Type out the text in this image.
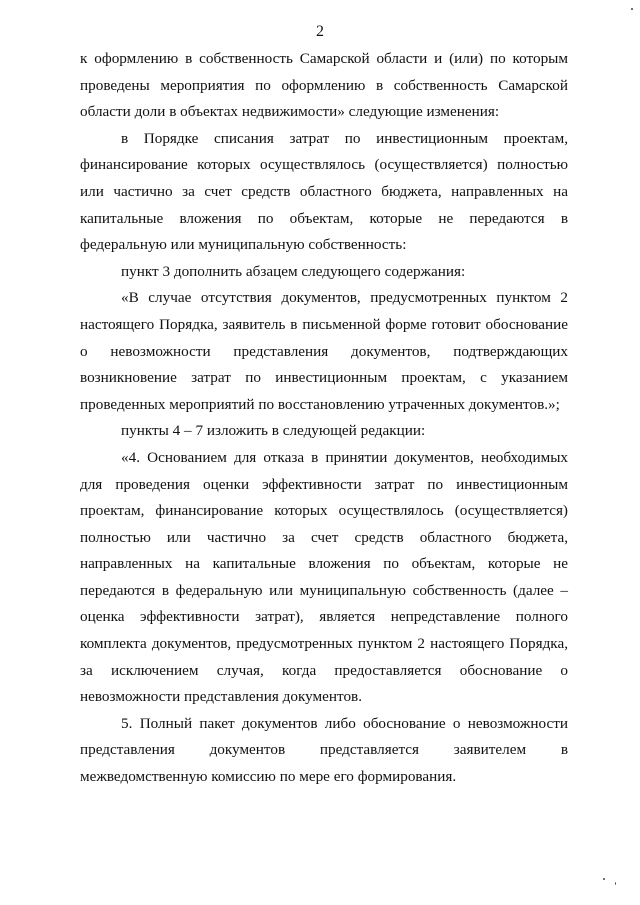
2

к оформлению в собственность Самарской области и (или) по которым проведены мероприятия по оформлению в собственность Самарской области доли в объектах недвижимости» следующие изменения:

в Порядке списания затрат по инвестиционным проектам, финансирование которых осуществлялось (осуществляется) полностью или частично за счет средств областного бюджета, направленных на капитальные вложения по объектам, которые не передаются в федеральную или муниципальную собственность:

пункт 3 дополнить абзацем следующего содержания:

«В случае отсутствия документов, предусмотренных пунктом 2 настоящего Порядка, заявитель в письменной форме готовит обоснование о невозможности представления документов, подтверждающих возникновение затрат по инвестиционным проектам, с указанием проведенных мероприятий по восстановлению утраченных документов.»;

пункты 4 – 7 изложить в следующей редакции:

«4. Основанием для отказа в принятии документов, необходимых для проведения оценки эффективности затрат по инвестиционным проектам, финансирование которых осуществлялось (осуществляется) полностью или частично за счет средств областного бюджета, направленных на капитальные вложения по объектам, которые не передаются в федеральную или муниципальную собственность (далее – оценка эффективности затрат), является непредставление полного комплекта документов, предусмотренных пунктом 2 настоящего Порядка, за исключением случая, когда предоставляется обоснование о невозможности представления документов.

5. Полный пакет документов либо обоснование о невозможности представления документов представляется заявителем в межведомственную комиссию по мере его формирования.
